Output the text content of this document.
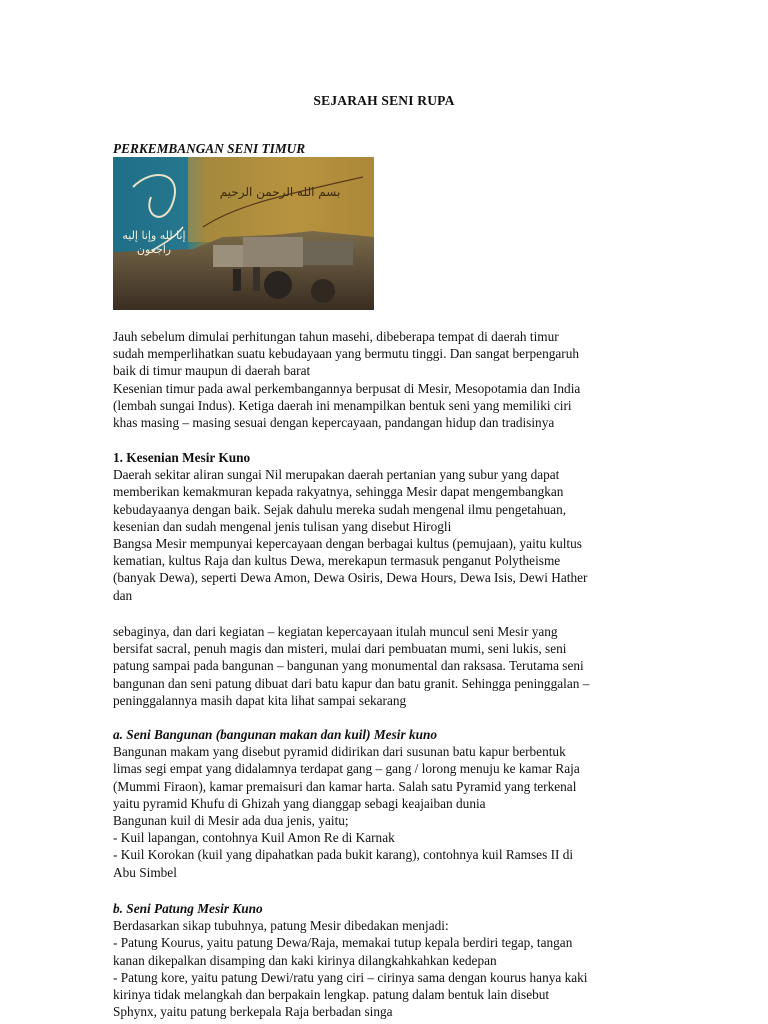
SEJARAH SENI RUPA
PERKEMBANGAN SENI TIMUR
إنا لله وإنا إليه راجعون
بسم الله الرحمن الرحيم
Jauh sebelum dimulai perhitungan tahun masehi, dibeberapa tempat di daerah timur
sudah memperlihatkan suatu kebudayaan yang bermutu tinggi. Dan sangat berpengaruh
baik di timur maupun di daerah barat
Kesenian timur pada awal perkembangannya berpusat di Mesir, Mesopotamia dan India
(lembah sungai Indus). Ketiga daerah ini menampilkan bentuk seni yang memiliki ciri
khas masing – masing sesuai dengan kepercayaan, pandangan hidup dan tradisinya
1. Kesenian Mesir Kuno
Daerah sekitar aliran sungai Nil merupakan daerah pertanian yang subur yang dapat
memberikan kemakmuran kepada rakyatnya, sehingga Mesir dapat mengembangkan
kebudayaanya dengan baik. Sejak dahulu mereka sudah mengenal ilmu pengetahuan,
kesenian dan sudah mengenal jenis tulisan yang disebut Hirogli
Bangsa Mesir mempunyai kepercayaan dengan berbagai kultus (pemujaan), yaitu kultus
kematian, kultus Raja dan kultus Dewa, merekapun termasuk penganut Polytheisme
(banyak Dewa), seperti Dewa Amon, Dewa Osiris, Dewa Hours, Dewa Isis, Dewi Hather
dan
sebaginya, dan dari kegiatan – kegiatan kepercayaan itulah muncul seni Mesir yang
bersifat sacral, penuh magis dan misteri, mulai dari pembuatan mumi, seni lukis, seni
patung sampai pada bangunan – bangunan yang monumental dan raksasa. Terutama seni
bangunan dan seni patung dibuat dari batu kapur dan batu granit. Sehingga peninggalan –
peninggalannya masih dapat kita lihat sampai sekarang
a. Seni Bangunan (bangunan makan dan kuil) Mesir kuno
Bangunan makam yang disebut pyramid didirikan dari susunan batu kapur berbentuk
limas segi empat yang didalamnya terdapat gang – gang / lorong menuju ke kamar Raja
(Mummi Firaon), kamar premaisuri dan kamar harta. Salah satu Pyramid yang terkenal
yaitu pyramid Khufu di Ghizah yang dianggap sebagi keajaiban dunia
Bangunan kuil di Mesir ada dua jenis, yaitu;
- Kuil lapangan, contohnya Kuil Amon Re di Karnak
- Kuil Korokan (kuil yang dipahatkan pada bukit karang), contohnya kuil Ramses II di
Abu Simbel
b. Seni Patung Mesir Kuno
Berdasarkan sikap tubuhnya, patung Mesir dibedakan menjadi:
- Patung Kourus, yaitu patung Dewa/Raja, memakai tutup kepala berdiri tegap, tangan
kanan dikepalkan disamping dan kaki kirinya dilangkahkahkan kedepan
- Patung kore, yaitu patung Dewi/ratu yang ciri – cirinya sama dengan kourus hanya kaki
kirinya tidak melangkah dan berpakain lengkap. patung dalam bentuk lain disebut
Sphynx, yaitu patung berkepala Raja berbadan singa
